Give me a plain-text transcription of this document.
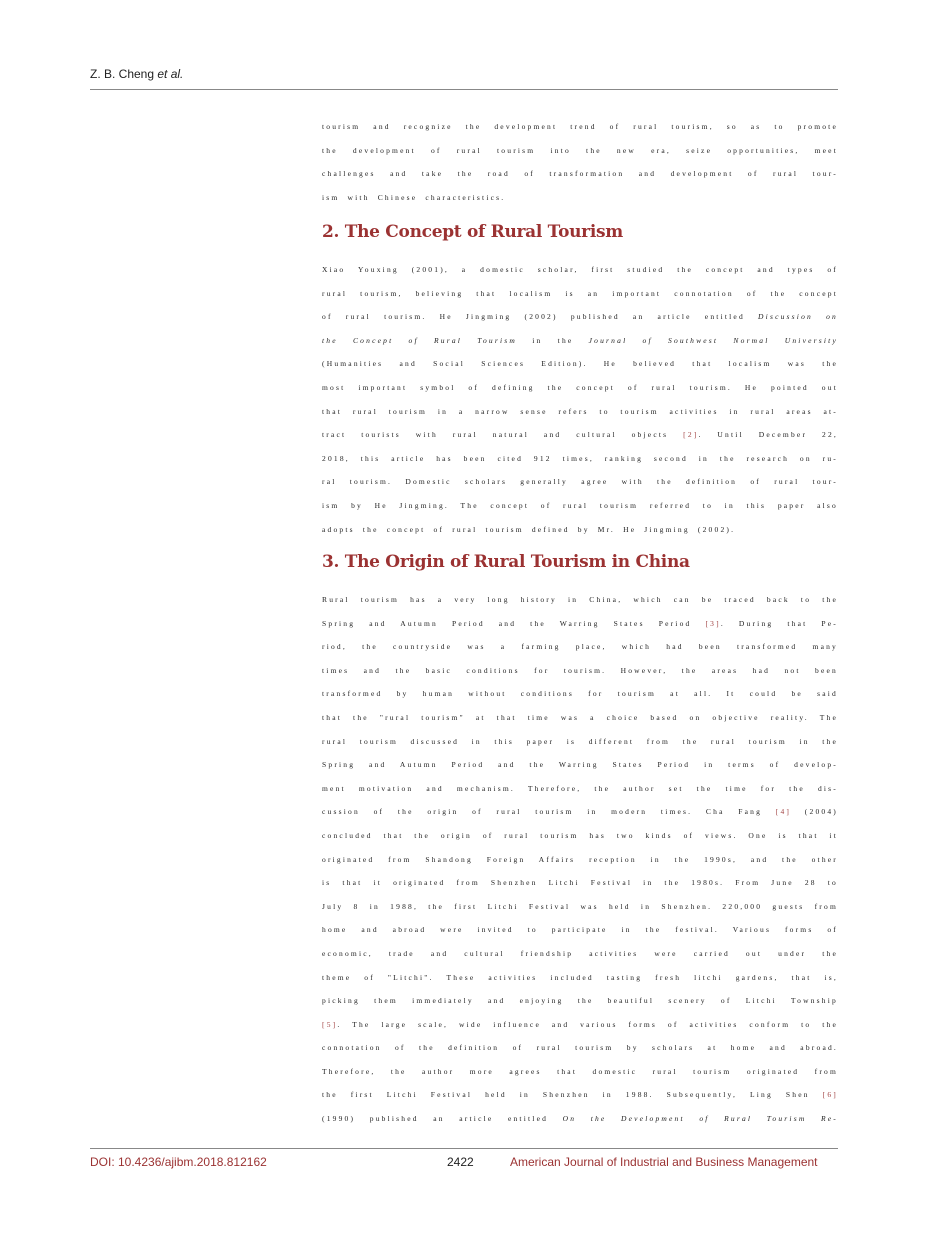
Z. B. Cheng et al.
tourism and recognize the development trend of rural tourism, so as to promote
the development of rural tourism into the new era, seize opportunities, meet
challenges and take the road of transformation and development of rural tour-
ism with Chinese characteristics.
2. The Concept of Rural Tourism
Xiao Youxing (2001), a domestic scholar, first studied the concept and types of
rural tourism, believing that localism is an important connotation of the concept
of rural tourism. He Jingming (2002) published an article entitled Discussion on
the Concept of Rural Tourism in the Journal of Southwest Normal University
(Humanities and Social Sciences Edition). He believed that localism was the
most important symbol of defining the concept of rural tourism. He pointed out
that rural tourism in a narrow sense refers to tourism activities in rural areas at-
tract tourists with rural natural and cultural objects [2]. Until December 22,
2018, this article has been cited 912 times, ranking second in the research on ru-
ral tourism. Domestic scholars generally agree with the definition of rural tour-
ism by He Jingming. The concept of rural tourism referred to in this paper also
adopts the concept of rural tourism defined by Mr. He Jingming (2002).
3. The Origin of Rural Tourism in China
Rural tourism has a very long history in China, which can be traced back to the
Spring and Autumn Period and the Warring States Period [3]. During that Pe-
riod, the countryside was a farming place, which had been transformed many
times and the basic conditions for tourism. However, the areas had not been
transformed by human without conditions for tourism at all. It could be said
that the "rural tourism" at that time was a choice based on objective reality. The
rural tourism discussed in this paper is different from the rural tourism in the
Spring and Autumn Period and the Warring States Period in terms of develop-
ment motivation and mechanism. Therefore, the author set the time for the dis-
cussion of the origin of rural tourism in modern times. Cha Fang [4] (2004)
concluded that the origin of rural tourism has two kinds of views. One is that it
originated from Shandong Foreign Affairs reception in the 1990s, and the other
is that it originated from Shenzhen Litchi Festival in the 1980s. From June 28 to
July 8 in 1988, the first Litchi Festival was held in Shenzhen. 220,000 guests from
home and abroad were invited to participate in the festival. Various forms of
economic, trade and cultural friendship activities were carried out under the
theme of "Litchi". These activities included tasting fresh litchi gardens, that is,
picking them immediately and enjoying the beautiful scenery of Litchi Township
[5]. The large scale, wide influence and various forms of activities conform to the
connotation of the definition of rural tourism by scholars at home and abroad.
Therefore, the author more agrees that domestic rural tourism originated from
the first Litchi Festival held in Shenzhen in 1988. Subsequently, Ling Shen [6]
(1990) published an article entitled On the Development of Rural Tourism Re-
DOI: 10.4236/ajibm.2018.812162	2422	American Journal of Industrial and Business Management
